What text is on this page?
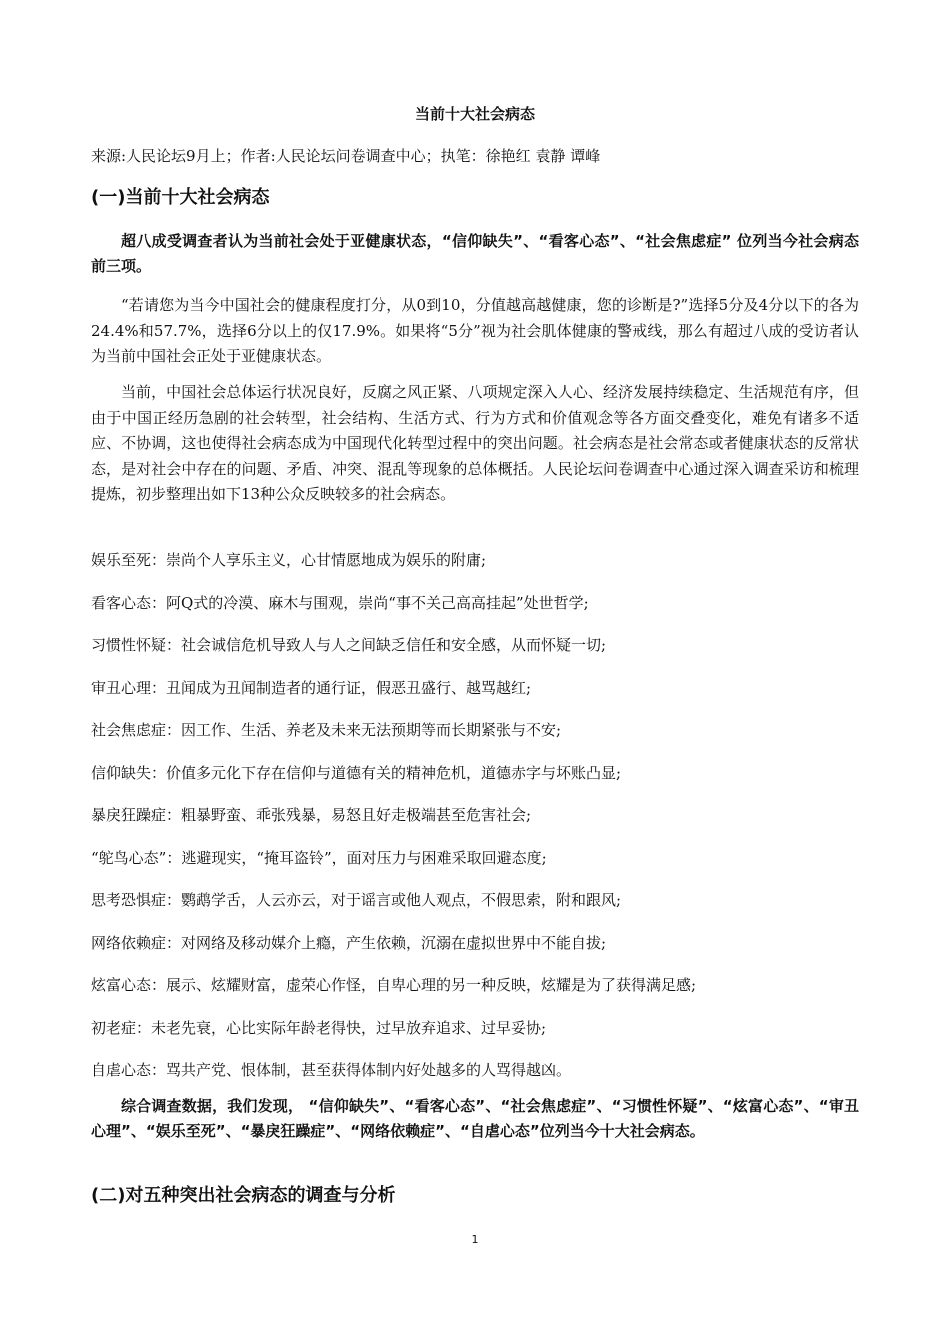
当前十大社会病态
来源:人民论坛9月上；作者:人民论坛问卷调查中心；执笔：徐艳红 袁静 谭峰
(一)当前十大社会病态
超八成受调查者认为当前社会处于亚健康状态，“信仰缺失”、“看客心态”、“社会焦虑症” 位列当今社会病态前三项。
“若请您为当今中国社会的健康程度打分，从0到10，分值越高越健康，您的诊断是?”选择5分及4分以下的各为24.4%和57.7%，选择6分以上的仅17.9%。如果将“5分”视为社会肌体健康的警戒线，那么有超过八成的受访者认为当前中国社会正处于亚健康状态。
当前，中国社会总体运行状况良好，反腐之风正紧、八项规定深入人心、经济发展持续稳定、生活规范有序，但由于中国正经历急剧的社会转型，社会结构、生活方式、行为方式和价值观念等各方面交叠变化，难免有诸多不适应、不协调，这也使得社会病态成为中国现代化转型过程中的突出问题。社会病态是社会常态或者健康状态的反常状态，是对社会中存在的问题、矛盾、冲突、混乱等现象的总体概括。人民论坛问卷调查中心通过深入调查采访和梳理提炼，初步整理出如下13种公众反映较多的社会病态。
娱乐至死：崇尚个人享乐主义，心甘情愿地成为娱乐的附庸;
看客心态：阿Q式的冷漠、麻木与围观，崇尚“事不关己高高挂起”处世哲学;
习惯性怀疑：社会诚信危机导致人与人之间缺乏信任和安全感，从而怀疑一切;
审丑心理：丑闻成为丑闻制造者的通行证，假恶丑盛行、越骂越红;
社会焦虑症：因工作、生活、养老及未来无法预期等而长期紧张与不安;
信仰缺失：价值多元化下存在信仰与道德有关的精神危机，道德赤字与坏账凸显;
暴戾狂躁症：粗暴野蛮、乖张残暴，易怒且好走极端甚至危害社会;
“鸵鸟心态”：逃避现实，“掩耳盗铃”，面对压力与困难采取回避态度;
思考恐惧症：鹦鹉学舌，人云亦云，对于谣言或他人观点，不假思索，附和跟风;
网络依赖症：对网络及移动媒介上瘾，产生依赖，沉溺在虚拟世界中不能自拔;
炫富心态：展示、炫耀财富，虚荣心作怪，自卑心理的另一种反映，炫耀是为了获得满足感;
初老症：未老先衰，心比实际年龄老得快，过早放弃追求、过早妥协;
自虐心态：骂共产党、恨体制，甚至获得体制内好处越多的人骂得越凶。
综合调查数据，我们发现， “信仰缺失”、“看客心态”、“社会焦虑症”、“习惯性怀疑”、“炫富心态”、“审丑心理”、“娱乐至死”、“暴戾狂躁症”、“网络依赖症”、“自虐心态”位列当今十大社会病态。
(二)对五种突出社会病态的调查与分析
1
